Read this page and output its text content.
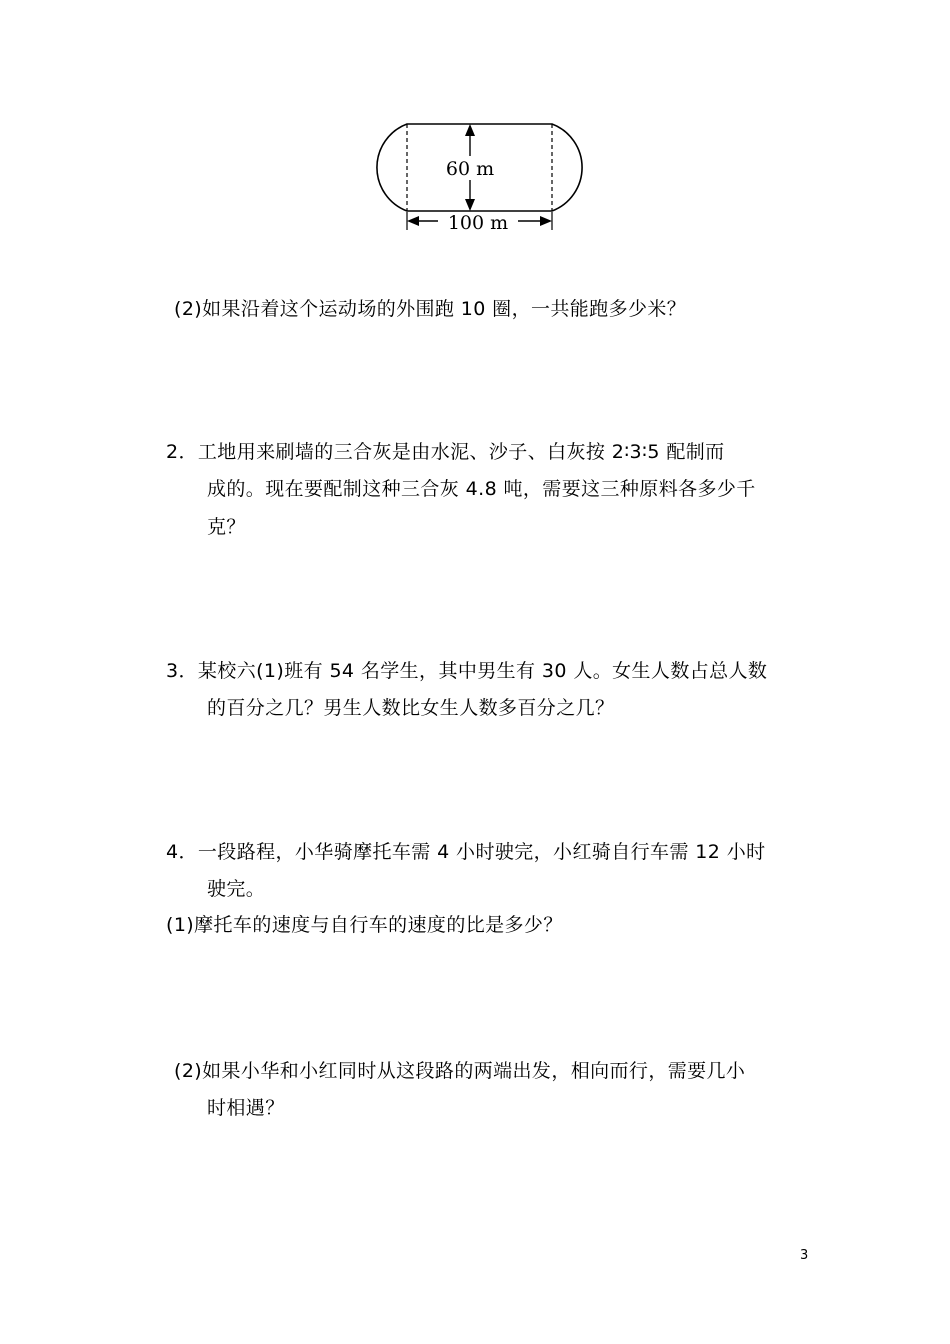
60 m
100 m
(2)如果沿着这个运动场的外围跑 10 圈，一共能跑多少米？
2．工地用来刷墙的三合灰是由水泥、沙子、白灰按 2∶3∶5 配制而
成的。现在要配制这种三合灰 4.8 吨，需要这三种原料各多少千
克？
3．某校六(1)班有 54 名学生，其中男生有 30 人。女生人数占总人数
的百分之几？男生人数比女生人数多百分之几？
4．一段路程，小华骑摩托车需 4 小时驶完，小红骑自行车需 12 小时
驶完。
(1)摩托车的速度与自行车的速度的比是多少？
(2)如果小华和小红同时从这段路的两端出发，相向而行，需要几小
时相遇？
3
